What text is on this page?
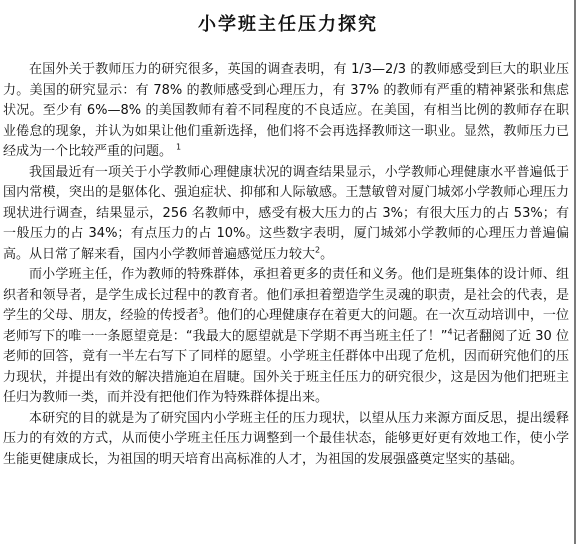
小学班主任压力探究

在国外关于教师压力的研究很多，英国的调查表明，有 1/3—2/3 的教师感受到巨大的职业压力。美国的研究显示：有 78% 的教师感受到心理压力，有 37% 的教师有严重的精神紧张和焦虑状况。至少有 6%—8% 的美国教师有着不同程度的不良适应。在美国，有相当比例的教师存在职业倦怠的现象，并认为如果让他们重新选择，他们将不会再选择教师这一职业。显然，教师压力已经成为一个比较严重的问题。 $^1$

我国最近有一项关于小学教师心理健康状况的调查结果显示，小学教师心理健康水平普遍低于国内常模，突出的是躯体化、强迫症状、抑郁和人际敏感。王慧敏曾对厦门城郊小学教师心理压力现状进行调查，结果显示，256 名教师中，感受有极大压力的占 3%；有很大压力的占 53%；有一般压力的占 34%；有点压力的占 10%。这些数字表明，厦门城郊小学教师的心理压力普遍偏高。从日常了解来看，国内小学教师普遍感觉压力较大$^2$。

而小学班主任，作为教师的特殊群体，承担着更多的责任和义务。他们是班集体的设计师、组织者和领导者，是学生成长过程中的教育者。他们承担着塑造学生灵魂的职责，是社会的代表，是学生的父母、朋友，经验的传授者$^3$。他们的心理健康存在着更大的问题。在一次互动培训中，一位老师写下的唯一一条愿望竟是：“我最大的愿望就是下学期不再当班主任了！”$^4$记者翻阅了近 30 位老师的回答，竟有一半左右写下了同样的愿望。小学班主任群体中出现了危机，因而研究他们的压力现状，并提出有效的解决措施迫在眉睫。国外关于班主任压力的研究很少，这是因为他们把班主任归为教师一类，而并没有把他们作为特殊群体提出来。

本研究的目的就是为了研究国内小学班主任的压力现状，以望从压力来源方面反思，提出缓释压力的有效的方式，从而使小学班主任压力调整到一个最佳状态，能够更好更有效地工作，使小学生能更健康成长，为祖国的明天培育出高标准的人才，为祖国的发展强盛奠定坚实的基础。
